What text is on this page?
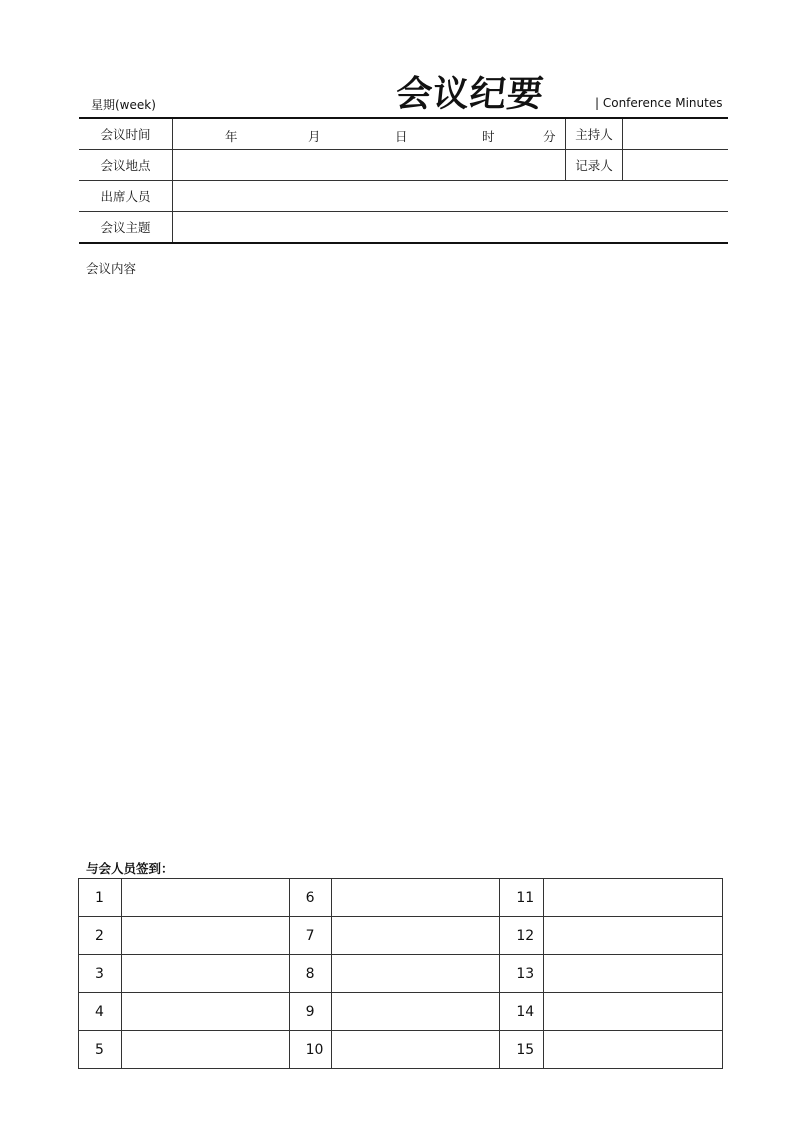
星期(week)	会议纪要	| Conference Minutes
会议时间	年 月 日 时 分	主持人	
会议地点		记录人	
出席人员			
会议主题			
会议内容
与会人员签到：
1		6		11	
2		7		12	
3		8		13	
4		9		14	
5		10		15	
